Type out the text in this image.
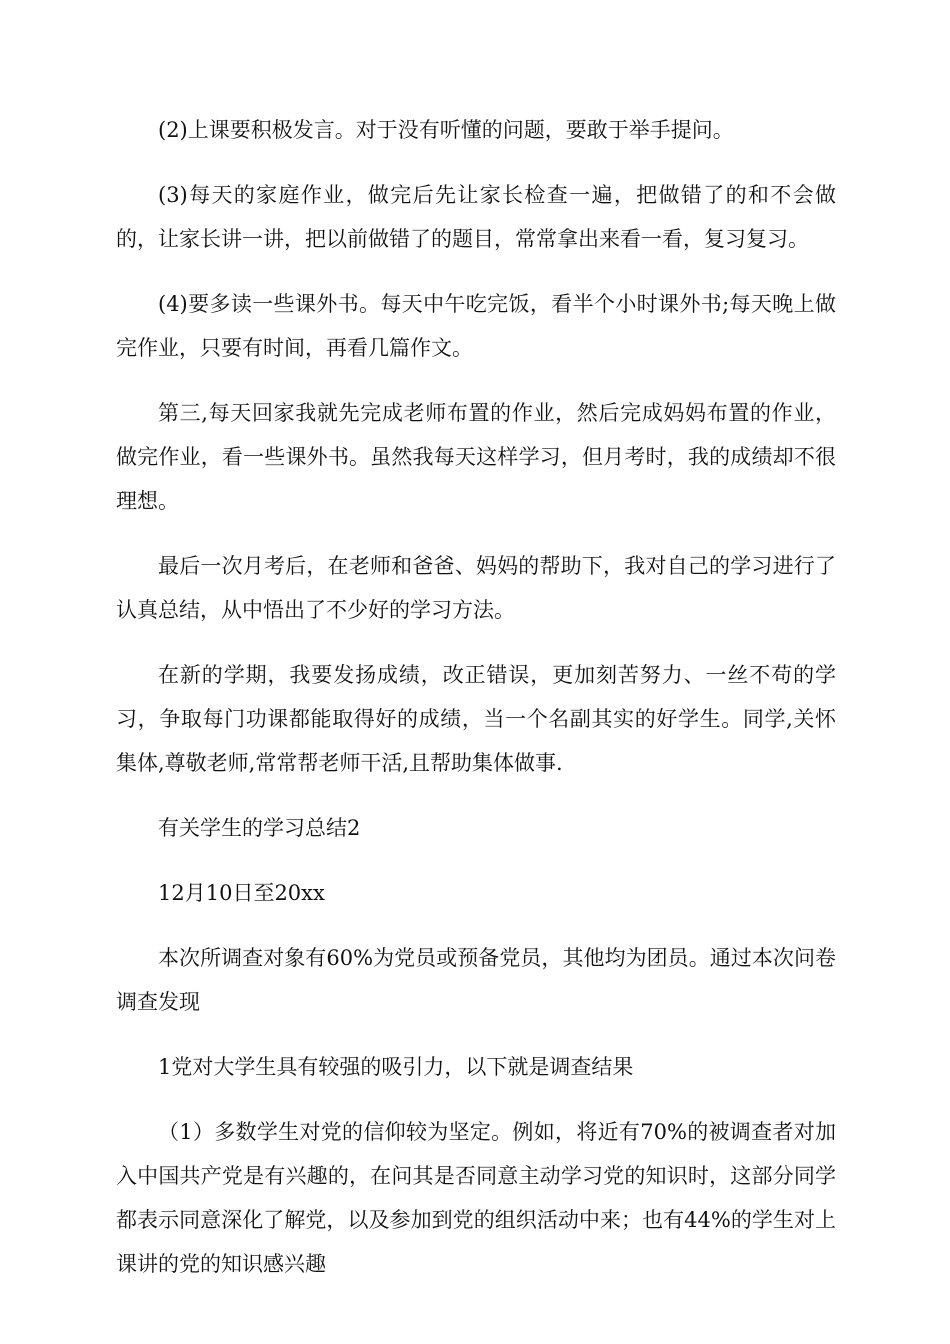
(2)上课要积极发言。对于没有听懂的问题，要敢于举手提问。

(3)每天的家庭作业，做完后先让家长检查一遍，把做错了的和不会做的，让家长讲一讲，把以前做错了的题目，常常拿出来看一看，复习复习。

(4)要多读一些课外书。每天中午吃完饭，看半个小时课外书;每天晚上做完作业，只要有时间，再看几篇作文。

第三,每天回家我就先完成老师布置的作业，然后完成妈妈布置的作业，做完作业，看一些课外书。虽然我每天这样学习，但月考时，我的成绩却不很理想。

最后一次月考后，在老师和爸爸、妈妈的帮助下，我对自己的学习进行了认真总结，从中悟出了不少好的学习方法。

在新的学期，我要发扬成绩，改正错误，更加刻苦努力、一丝不苟的学习，争取每门功课都能取得好的成绩，当一个名副其实的好学生。同学,关怀集体,尊敬老师,常常帮老师干活,且帮助集体做事.

有关学生的学习总结2

12月10日至20xx

本次所调查对象有60%为党员或预备党员，其他均为团员。通过本次问卷调查发现

1党对大学生具有较强的吸引力，以下就是调查结果

（1）多数学生对党的信仰较为坚定。例如，将近有70%的被调查者对加入中国共产党是有兴趣的，在问其是否同意主动学习党的知识时，这部分同学都表示同意深化了解党，以及参加到党的组织活动中来；也有44%的学生对上课讲的党的知识感兴趣
